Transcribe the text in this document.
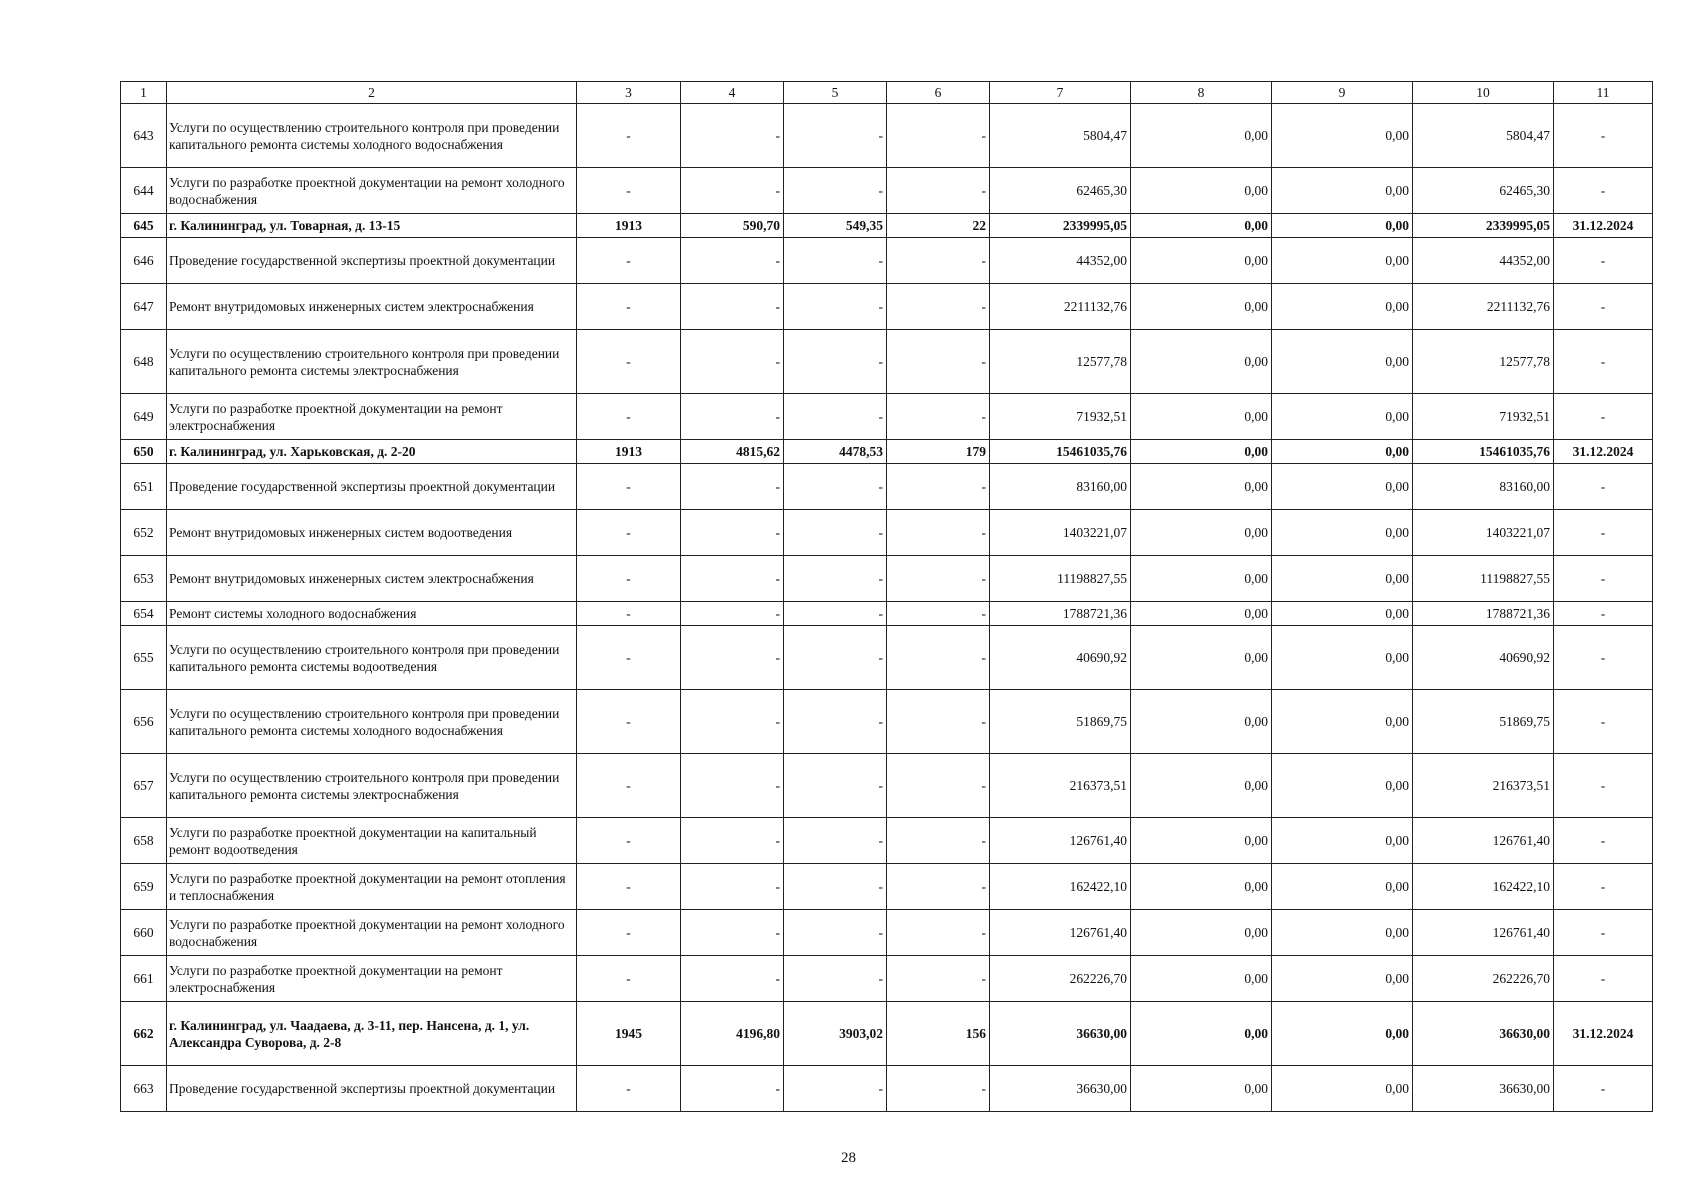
1	2	3	4	5	6	7	8	9	10	11
643	Услуги по осуществлению строительного контроля при проведении капитального ремонта системы холодного водоснабжения	-	-	-	-	5804,47	0,00	0,00	5804,47	-
644	Услуги по разработке проектной документации на ремонт холодного водоснабжения	-	-	-	-	62465,30	0,00	0,00	62465,30	-
645	г. Калининград, ул. Товарная, д. 13-15	1913	590,70	549,35	22	2339995,05	0,00	0,00	2339995,05	31.12.2024
646	Проведение государственной экспертизы проектной документации	-	-	-	-	44352,00	0,00	0,00	44352,00	-
647	Ремонт внутридомовых инженерных систем электроснабжения	-	-	-	-	2211132,76	0,00	0,00	2211132,76	-
648	Услуги по осуществлению строительного контроля при проведении капитального ремонта системы электроснабжения	-	-	-	-	12577,78	0,00	0,00	12577,78	-
649	Услуги по разработке проектной документации на ремонт электроснабжения	-	-	-	-	71932,51	0,00	0,00	71932,51	-
650	г. Калининград, ул. Харьковская, д. 2-20	1913	4815,62	4478,53	179	15461035,76	0,00	0,00	15461035,76	31.12.2024
651	Проведение государственной экспертизы проектной документации	-	-	-	-	83160,00	0,00	0,00	83160,00	-
652	Ремонт внутридомовых инженерных систем водоотведения	-	-	-	-	1403221,07	0,00	0,00	1403221,07	-
653	Ремонт внутридомовых инженерных систем электроснабжения	-	-	-	-	11198827,55	0,00	0,00	11198827,55	-
654	Ремонт системы холодного водоснабжения	-	-	-	-	1788721,36	0,00	0,00	1788721,36	-
655	Услуги по осуществлению строительного контроля при проведении капитального ремонта системы водоотведения	-	-	-	-	40690,92	0,00	0,00	40690,92	-
656	Услуги по осуществлению строительного контроля при проведении капитального ремонта системы холодного водоснабжения	-	-	-	-	51869,75	0,00	0,00	51869,75	-
657	Услуги по осуществлению строительного контроля при проведении капитального ремонта системы электроснабжения	-	-	-	-	216373,51	0,00	0,00	216373,51	-
658	Услуги по разработке проектной документации на капитальный ремонт водоотведения	-	-	-	-	126761,40	0,00	0,00	126761,40	-
659	Услуги по разработке проектной документации на ремонт отопления и теплоснабжения	-	-	-	-	162422,10	0,00	0,00	162422,10	-
660	Услуги по разработке проектной документации на ремонт холодного водоснабжения	-	-	-	-	126761,40	0,00	0,00	126761,40	-
661	Услуги по разработке проектной документации на ремонт электроснабжения	-	-	-	-	262226,70	0,00	0,00	262226,70	-
662	г. Калининград, ул. Чаадаева, д. 3-11, пер. Нансена, д. 1, ул. Александра Суворова, д. 2-8	1945	4196,80	3903,02	156	36630,00	0,00	0,00	36630,00	31.12.2024
663	Проведение государственной экспертизы проектной документации	-	-	-	-	36630,00	0,00	0,00	36630,00	-
28
